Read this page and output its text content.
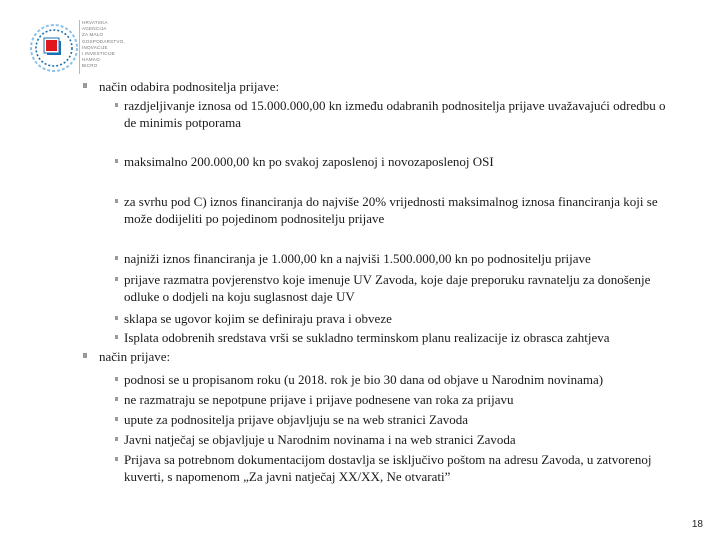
HRVATSKA
AGENCIJA
ZA MALO
GOSPODARSTVO,
INOVACIJE
I INVESTICIJE
HAMAG-
BICRO
način odabira podnositelja prijave:
razdjeljivanje iznosa od 15.000.000,00 kn između odabranih podnositelja prijave uvažavajući odredbu o de minimis potporama
maksimalno 200.000,00 kn po svakoj zaposlenoj i novozaposlenoj OSI
za svrhu pod C) iznos financiranja do najviše 20% vrijednosti maksimalnog iznosa financiranja koji se može dodijeliti po pojedinom podnositelju prijave
najniži iznos financiranja je 1.000,00 kn a najviši 1.500.000,00 kn po podnositelju prijave
prijave razmatra povjerenstvo koje imenuje UV Zavoda, koje daje preporuku ravnatelju za donošenje odluke o dodjeli na koju suglasnost daje UV
sklapa se ugovor kojim se definiraju prava i obveze
Isplata odobrenih sredstava vrši se sukladno terminskom planu realizacije iz obrasca zahtjeva
način prijave:
podnosi se u propisanom roku (u 2018. rok je bio 30 dana od objave u Narodnim novinama)
ne razmatraju se nepotpune prijave i prijave podnesene van roka za prijavu
upute za podnositelja prijave objavljuju se na web stranici Zavoda
Javni natječaj se objavljuje u Narodnim novinama i na web stranici Zavoda
Prijava sa potrebnom dokumentacijom dostavlja se isključivo poštom na adresu Zavoda, u zatvorenoj kuverti, s napomenom „Za javni natječaj XX/XX, Ne otvarati”
18
